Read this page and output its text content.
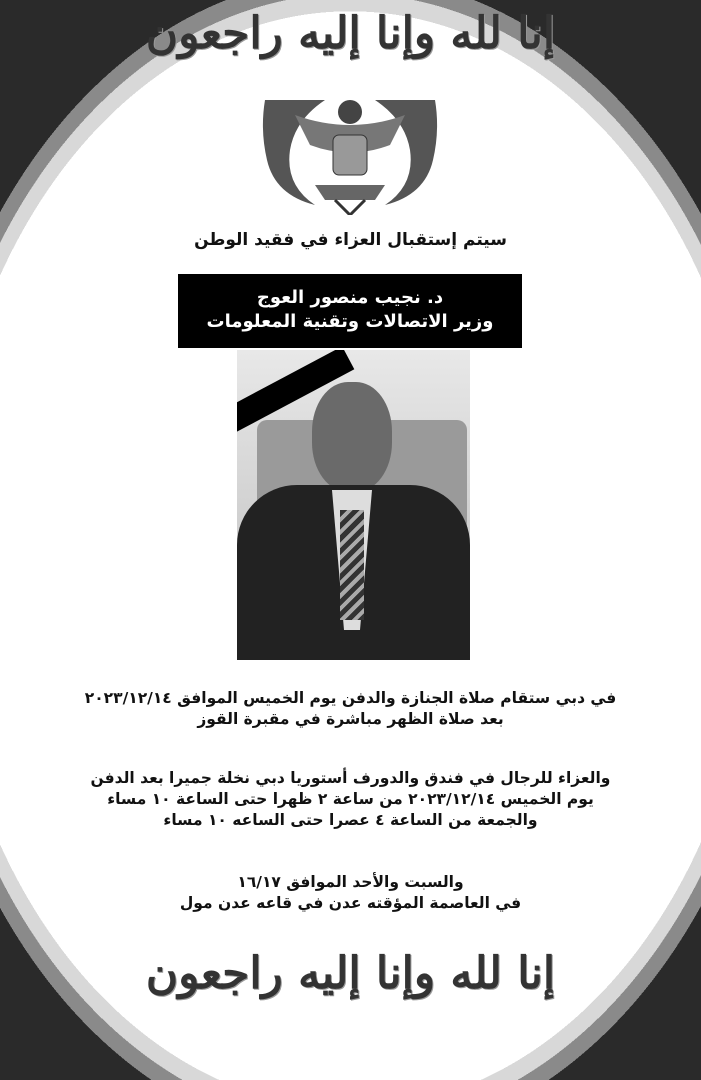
إنا لله وإنا إليه راجعون
سيتم إستقبال العزاء في فقيد الوطن
د. نجيب منصور العوج
وزير الاتصالات وتقنية المعلومات
في دبي ستقام صلاة الجنازة والدفن يوم الخميس الموافق ٢٠٢٣/١٢/١٤
بعد صلاة الظهر مباشرة في مقبرة القوز
والعزاء للرجال في فندق والدورف أستوريا دبي نخلة جميرا بعد الدفن
يوم الخميس ٢٠٢٣/١٢/١٤ من ساعة ٢ ظهرا حتى الساعة ١٠ مساء
والجمعة من الساعة ٤ عصرا حتى الساعه ١٠ مساء
والسبت والأحد الموافق ١٦/١٧
في العاصمة المؤقته عدن في قاعه عدن مول
إنا لله وإنا إليه راجعون
